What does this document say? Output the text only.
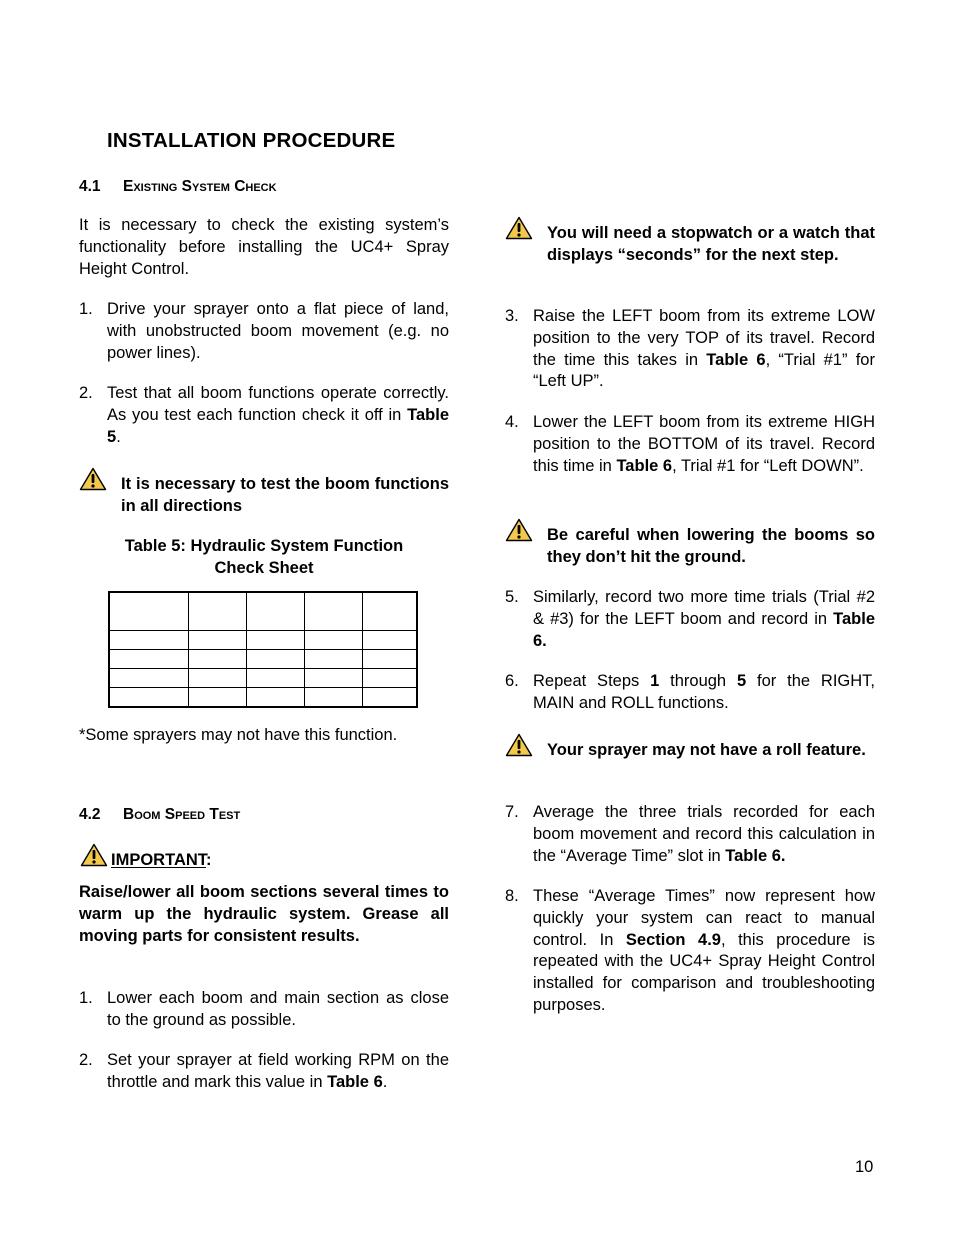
INSTALLATION PROCEDURE
4.1 Existing System Check
It is necessary to check the existing system’s functionality before installing the UC4+ Spray Height Control.
1. Drive your sprayer onto a flat piece of land, with unobstructed boom movement (e.g. no power lines).
2. Test that all boom functions operate correctly. As you test each function check it off in Table 5.
It is necessary to test the boom functions in all directions
Table 5: Hydraulic System Function Check Sheet

*Some sprayers may not have this function.
4.2 Boom Speed Test
IMPORTANT:
Raise/lower all boom sections several times to warm up the hydraulic system. Grease all moving parts for consistent results.
1. Lower each boom and main section as close to the ground as possible.
2. Set your sprayer at field working RPM on the throttle and mark this value in Table 6.
You will need a stopwatch or a watch that displays “seconds” for the next step.
3. Raise the LEFT boom from its extreme LOW position to the very TOP of its travel. Record the time this takes in Table 6, “Trial #1” for “Left UP”.
4. Lower the LEFT boom from its extreme HIGH position to the BOTTOM of its travel. Record this time in Table 6, Trial #1 for “Left DOWN”.
Be careful when lowering the booms so they don’t hit the ground.
5. Similarly, record two more time trials (Trial #2 & #3) for the LEFT boom and record in Table 6.
6. Repeat Steps 1 through 5 for the RIGHT, MAIN and ROLL functions.
Your sprayer may not have a roll feature.
7. Average the three trials recorded for each boom movement and record this calculation in the “Average Time” slot in Table 6.
8. These “Average Times” now represent how quickly your system can react to manual control. In Section 4.9, this procedure is repeated with the UC4+ Spray Height Control installed for comparison and troubleshooting purposes.
10
